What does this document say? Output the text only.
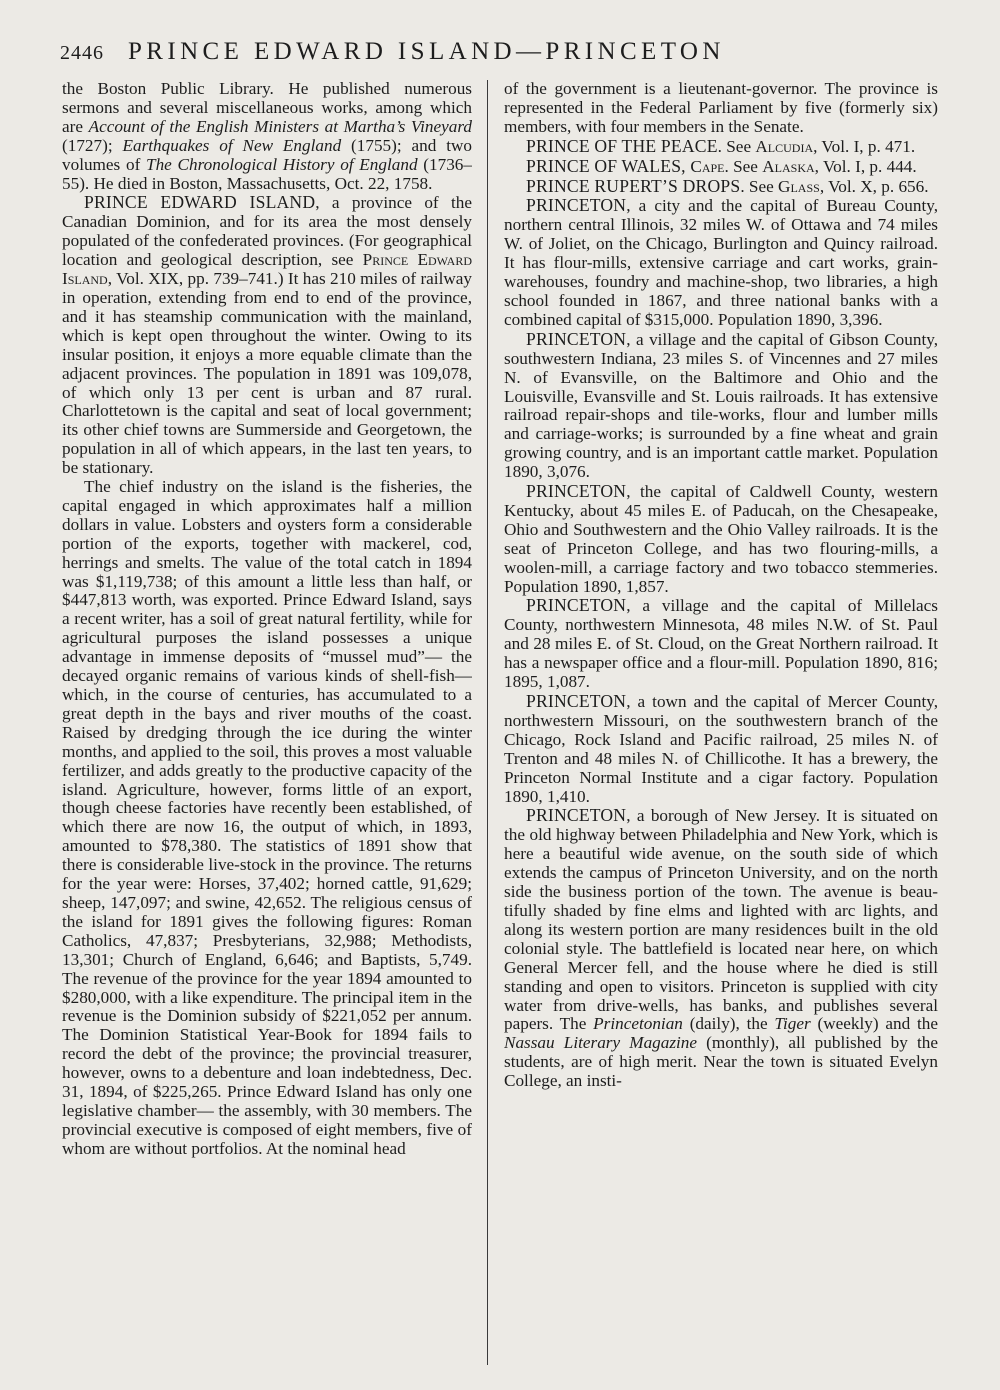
2446 PRINCE EDWARD ISLAND—PRINCETON

the Boston Public Library. He published numerous sermons and several miscellaneous works, among which are Account of the English Ministers at Martha’s Vineyard (1727); Earthquakes of New England (1755); and two volumes of The Chronological History of England (1736–55). He died in Boston, Massachusetts, Oct. 22, 1758.

PRINCE EDWARD ISLAND, a province of the Canadian Dominion, and for its area the most densely populated of the confederated provinces. (For geographical location and geological description, see Prince Edward Island, Vol. XIX, pp. 739–741.) It has 210 miles of railway in operation, extending from end to end of the province, and it has steamship communication with the mainland, which is kept open throughout the winter. Owing to its insular position, it enjoys a more equable climate than the adjacent provinces. The population in 1891 was 109,078, of which only 13 per cent is urban and 87 rural. Charlottetown is the capital and seat of local government; its other chief towns are Summerside and Georgetown, the population in all of which appears, in the last ten years, to be stationary.

The chief industry on the island is the fisheries, the capital engaged in which approximates half a million dollars in value. Lobsters and oysters form a considerable portion of the exports, together with mackerel, cod, herrings and smelts. The value of the total catch in 1894 was $1,119,738; of this amount a little less than half, or $447,813 worth, was exported. Prince Edward Island, says a recent writer, has a soil of great natural fertility, while for agricultural purposes the island possesses a unique advantage in immense deposits of “mussel mud”— the decayed organic remains of various kinds of shell-fish—which, in the course of centuries, has accumulated to a great depth in the bays and river mouths of the coast. Raised by dredging through the ice during the winter months, and applied to the soil, this proves a most valuable fertilizer, and adds greatly to the productive capacity of the island. Agriculture, however, forms little of an export, though cheese factories have recently been established, of which there are now 16, the output of which, in 1893, amounted to $78,380. The statistics of 1891 show that there is considerable live-stock in the province. The returns for the year were: Horses, 37,402; horned cattle, 91,629; sheep, 147,097; and swine, 42,652. The religious census of the island for 1891 gives the following figures: Roman Catholics, 47,837; Presbyterians, 32,988; Methodists, 13,301; Church of England, 6,646; and Baptists, 5,749. The revenue of the province for the year 1894 amounted to $280,000, with a like expenditure. The principal item in the revenue is the Dominion subsidy of $221,052 per annum. The Dominion Statistical Year-Book for 1894 fails to record the debt of the province; the provincial treasurer, however, owns to a debenture and loan indebtedness, Dec. 31, 1894, of $225,265. Prince Edward Island has only one legislative chamber— the assembly, with 30 members. The provincial executive is composed of eight members, five of whom are without portfolios. At the nominal head

of the government is a lieutenant-governor. The province is represented in the Federal Parliament by five (formerly six) members, with four members in the Senate.

PRINCE OF THE PEACE. See Alcudia, Vol. I, p. 471.

PRINCE OF WALES, Cape. See Alaska, Vol. I, p. 444.

PRINCE RUPERT’S DROPS. See Glass, Vol. X, p. 656.

PRINCETON, a city and the capital of Bureau County, northern central Illinois, 32 miles W. of Ottawa and 74 miles W. of Joliet, on the Chicago, Burlington and Quincy railroad. It has flour-mills, extensive carriage and cart works, grain-warehouses, foundry and machine-shop, two libraries, a high school founded in 1867, and three national banks with a combined capital of $315,000. Population 1890, 3,396.

PRINCETON, a village and the capital of Gibson County, southwestern Indiana, 23 miles S. of Vincennes and 27 miles N. of Evansville, on the Baltimore and Ohio and the Louisville, Evansville and St. Louis railroads. It has extensive railroad repair-shops and tile-works, flour and lumber mills and carriage-works; is surrounded by a fine wheat and grain growing country, and is an important cattle market. Population 1890, 3,076.

PRINCETON, the capital of Caldwell County, western Kentucky, about 45 miles E. of Paducah, on the Chesapeake, Ohio and Southwestern and the Ohio Valley railroads. It is the seat of Princeton College, and has two flouring-mills, a woolen-mill, a carriage factory and two tobacco stemmeries. Population 1890, 1,857.

PRINCETON, a village and the capital of Millelacs County, northwestern Minnesota, 48 miles N.W. of St. Paul and 28 miles E. of St. Cloud, on the Great Northern railroad. It has a newspaper office and a flour-mill. Population 1890, 816; 1895, 1,087.

PRINCETON, a town and the capital of Mercer County, northwestern Missouri, on the southwestern branch of the Chicago, Rock Island and Pacific railroad, 25 miles N. of Trenton and 48 miles N. of Chillicothe. It has a brewery, the Princeton Normal Institute and a cigar factory. Population 1890, 1,410.

PRINCETON, a borough of New Jersey. It is situated on the old highway between Philadelphia and New York, which is here a beautiful wide avenue, on the south side of which extends the campus of Princeton University, and on the north side the business portion of the town. The avenue is beautifully shaded by fine elms and lighted with arc lights, and along its western portion are many residences built in the old colonial style. The battlefield is located near here, on which General Mercer fell, and the house where he died is still standing and open to visitors. Princeton is supplied with city water from drive-wells, has banks, and publishes several papers. The Princetonian (daily), the Tiger (weekly) and the Nassau Literary Magazine (monthly), all published by the students, are of high merit. Near the town is situated Evelyn College, an insti-
